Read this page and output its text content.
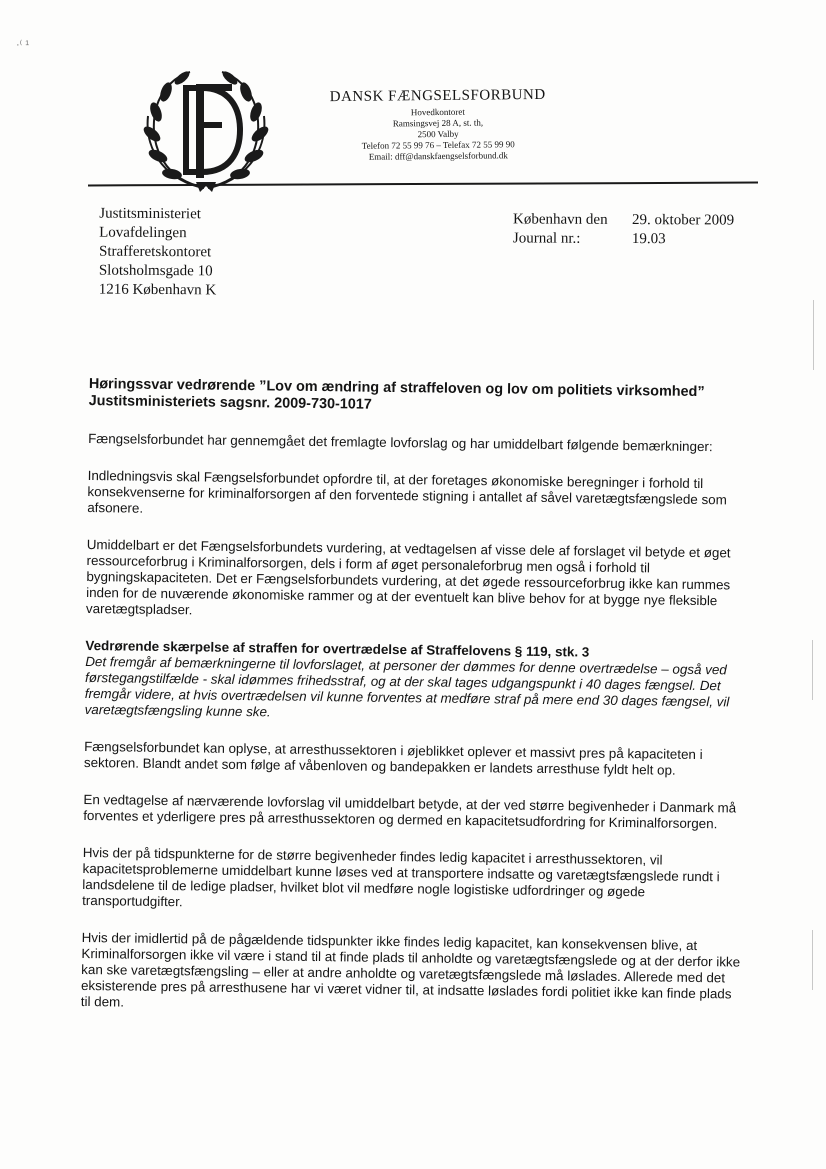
·⁽ ¹
DANSK FÆNGSELSFORBUND
Hovedkontoret
Ramsingsvej 28 A, st. th,
2500 Valby
Telefon 72 55 99 76 – Telefax 72 55 99 90
Email: dff@danskfaengselsforbund.dk
Justitsministeriet
Lovafdelingen
Strafferetskontoret
Slotsholmsgade 10
1216 København K
København den	29. oktober 2009
Journal nr.:	19.03
Høringssvar vedrørende ”Lov om ændring af straffeloven og lov om politiets virksomhed” Justitsministeriets sagsnr. 2009-730-1017

Fængselsforbundet har gennemgået det fremlagte lovforslag og har umiddelbart følgende bemærkninger:

Indledningsvis skal Fængselsforbundet opfordre til, at der foretages økonomiske beregninger i forhold til konsekvenserne for kriminalforsorgen af den forventede stigning i antallet af såvel varetægtsfængslede som afsonere.

Umiddelbart er det Fængselsforbundets vurdering, at vedtagelsen af visse dele af forslaget vil betyde et øget ressourceforbrug i Kriminalforsorgen, dels i form af øget personaleforbrug men også i forhold til bygningskapaciteten. Det er Fængselsforbundets vurdering, at det øgede ressourceforbrug ikke kan rummes inden for de nuværende økonomiske rammer og at der eventuelt kan blive behov for at bygge nye fleksible varetægtspladser.

Vedrørende skærpelse af straffen for overtrædelse af Straffelovens § 119, stk. 3
Det fremgår af bemærkningerne til lovforslaget, at personer der dømmes for denne overtrædelse – også ved førstegangstilfælde - skal idømmes frihedsstraf, og at der skal tages udgangspunkt i 40 dages fængsel. Det fremgår videre, at hvis overtrædelsen vil kunne forventes at medføre straf på mere end 30 dages fængsel, vil varetægtsfængsling kunne ske.

Fængselsforbundet kan oplyse, at arresthussektoren i øjeblikket oplever et massivt pres på kapaciteten i sektoren. Blandt andet som følge af våbenloven og bandepakken er landets arresthuse fyldt helt op.

En vedtagelse af nærværende lovforslag vil umiddelbart betyde, at der ved større begivenheder i Danmark må forventes et yderligere pres på arresthussektoren og dermed en kapacitetsudfordring for Kriminalforsorgen.

Hvis der på tidspunkterne for de større begivenheder findes ledig kapacitet i arresthussektoren, vil kapacitetsproblemerne umiddelbart kunne løses ved at transportere indsatte og varetægtsfængslede rundt i landsdelene til de ledige pladser, hvilket blot vil medføre nogle logistiske udfordringer og øgede transportudgifter.

Hvis der imidlertid på de pågældende tidspunkter ikke findes ledig kapacitet, kan konsekvensen blive, at Kriminalforsorgen ikke vil være i stand til at finde plads til anholdte og varetægtsfængslede og at der derfor ikke kan ske varetægtsfængsling – eller at andre anholdte og varetægtsfængslede må løslades. Allerede med det eksisterende pres på arresthusene har vi været vidner til, at indsatte løslades fordi politiet ikke kan finde plads til dem.
